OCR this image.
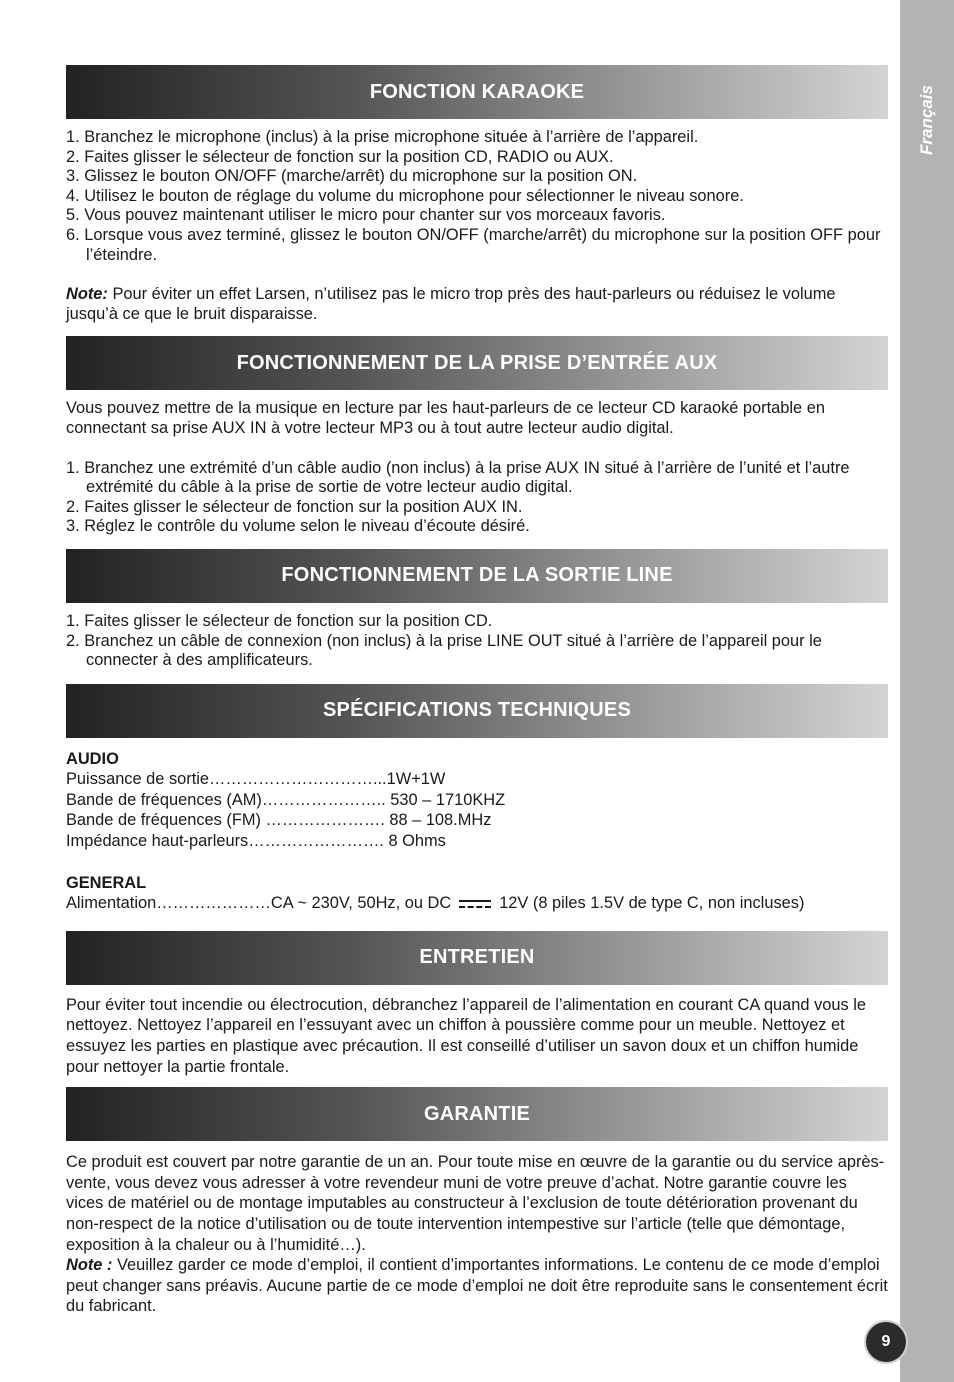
Français
FONCTION KARAOKE
1. Branchez le microphone (inclus) à la prise microphone située à l’arrière de l’appareil.
2. Faites glisser le sélecteur de fonction sur la position CD, RADIO ou AUX.
3. Glissez le bouton ON/OFF (marche/arrêt) du microphone sur la position ON.
4. Utilisez le bouton de réglage du volume du microphone pour sélectionner le niveau sonore.
5. Vous pouvez maintenant utiliser le micro pour chanter sur vos morceaux favoris.
6. Lorsque vous avez terminé, glissez le bouton ON/OFF (marche/arrêt) du microphone sur la position OFF pour l’éteindre.

Note: Pour éviter un effet Larsen, n’utilisez pas le micro trop près des haut-parleurs ou réduisez le volume jusqu’à ce que le bruit disparaisse.

FONCTIONNEMENT DE LA PRISE D’ENTRÉE AUX

Vous pouvez mettre de la musique en lecture par les haut-parleurs de ce lecteur CD karaoké portable en connectant sa prise AUX IN à votre lecteur MP3 ou à tout autre lecteur audio digital.

1. Branchez une extrémité d’un câble audio (non inclus) à la prise AUX IN situé à l’arrière de l’unité et l’autre extrémité du câble à la prise de sortie de votre lecteur audio digital.
2. Faites glisser le sélecteur de fonction sur la position AUX IN.
3. Réglez le contrôle du volume selon le niveau d’écoute désiré.
FONCTIONNEMENT DE LA SORTIE LINE
1. Faites glisser le sélecteur de fonction sur la position CD.
2. Branchez un câble de connexion (non inclus) à la prise LINE OUT situé à l’arrière de l’appareil pour le connecter à des amplificateurs.
SPÉCIFICATIONS TECHNIQUES
AUDIO
Puissance de sortie…………………………...1W+1W
Bande de fréquences (AM)………………….. 530 – 1710KHZ
Bande de fréquences (FM) …………………. 88 – 108.MHz
Impédance haut-parleurs……………………. 8 Ohms
GENERAL
Alimentation…………………CA ~ 230V, 50Hz, ou DC	12V (8 piles 1.5V de type C, non incluses)
ENTRETIEN

Pour éviter tout incendie ou électrocution, débranchez l’appareil de l’alimentation en courant CA quand vous le nettoyez. Nettoyez l’appareil en l’essuyant avec un chiffon à poussière comme pour un meuble. Nettoyez et essuyez les parties en plastique avec précaution. Il est conseillé d’utiliser un savon doux et un chiffon humide pour nettoyer la partie frontale.

GARANTIE

Ce produit est couvert par notre garantie de un an. Pour toute mise en œuvre de la garantie ou du service après-vente, vous devez vous adresser à votre revendeur muni de votre preuve d’achat. Notre garantie couvre les vices de matériel ou de montage imputables au constructeur à l’exclusion de toute détérioration provenant du non-respect de la notice d’utilisation ou de toute intervention intempestive sur l’article (telle que démontage, exposition à la chaleur ou à l’humidité…).

Note : Veuillez garder ce mode d’emploi, il contient d’importantes informations. Le contenu de ce mode d’emploi peut changer sans préavis. Aucune partie de ce mode d’emploi ne doit être reproduite sans le consentement écrit du fabricant.

9
